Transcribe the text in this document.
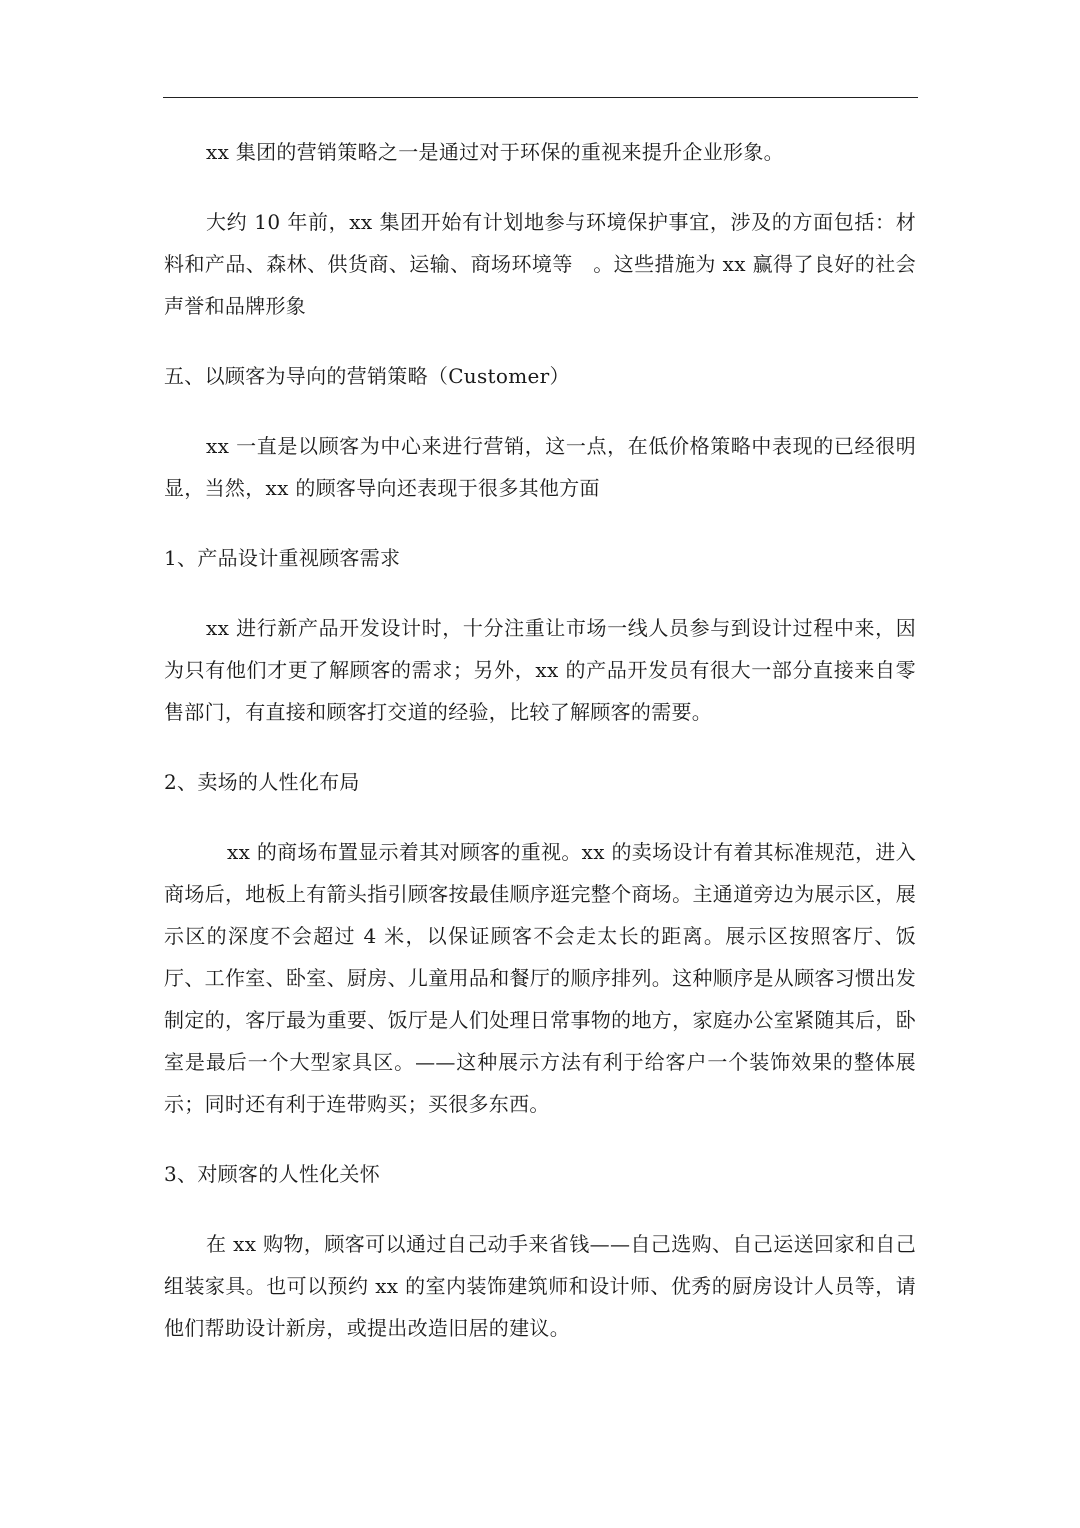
xx 集团的营销策略之一是通过对于环保的重视来提升企业形象。

大约 10 年前，xx 集团开始有计划地参与环境保护事宜，涉及的方面包括：材料和产品、森林、供货商、运输、商场环境等　。这些措施为 xx 赢得了良好的社会声誉和品牌形象

五、以顾客为导向的营销策略（Customer）

xx 一直是以顾客为中心来进行营销，这一点，在低价格策略中表现的已经很明显，当然，xx 的顾客导向还表现于很多其他方面

1、产品设计重视顾客需求

xx 进行新产品开发设计时，十分注重让市场一线人员参与到设计过程中来，因为只有他们才更了解顾客的需求；另外，xx 的产品开发员有很大一部分直接来自零售部门，有直接和顾客打交道的经验，比较了解顾客的需要。

2、卖场的人性化布局

xx 的商场布置显示着其对顾客的重视。xx 的卖场设计有着其标准规范，进入商场后，地板上有箭头指引顾客按最佳顺序逛完整个商场。主通道旁边为展示区，展示区的深度不会超过 4 米，以保证顾客不会走太长的距离。展示区按照客厅、饭厅、工作室、卧室、厨房、儿童用品和餐厅的顺序排列。这种顺序是从顾客习惯出发制定的，客厅最为重要、饭厅是人们处理日常事物的地方，家庭办公室紧随其后，卧室是最后一个大型家具区。——这种展示方法有利于给客户一个装饰效果的整体展示；同时还有利于连带购买；买很多东西。

3、对顾客的人性化关怀

在 xx 购物，顾客可以通过自己动手来省钱——自己选购、自己运送回家和自己组装家具。也可以预约 xx 的室内装饰建筑师和设计师、优秀的厨房设计人员等，请他们帮助设计新房，或提出改造旧居的建议。
